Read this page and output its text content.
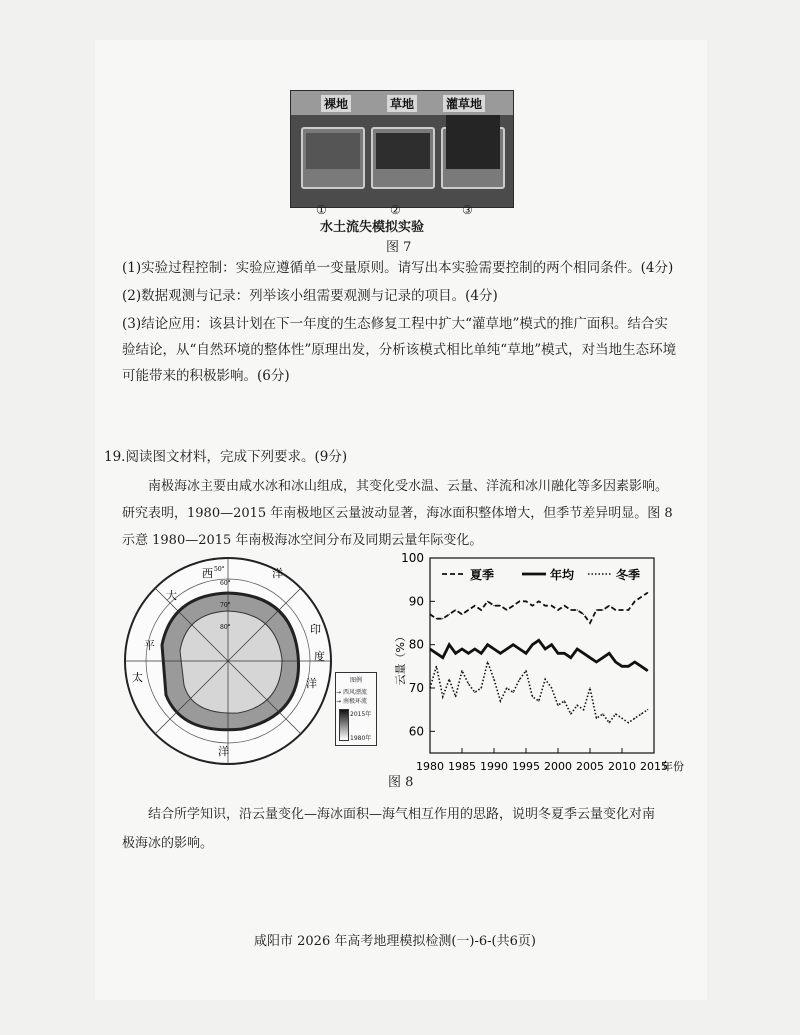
裸地	草地	灌草地
①	②	③
水土流失模拟实验
图 7
(1)实验过程控制：实验应遵循单一变量原则。请写出本实验需要控制的两个相同条件。(4分)
(2)数据观测与记录：列举该小组需要观测与记录的项目。(4分)
(3)结论应用：该县计划在下一年度的生态修复工程中扩大“灌草地”模式的推广面积。结合实
验结论，从“自然环境的整体性”原理出发，分析该模式相比单纯“草地”模式，对当地生态环境
可能带来的积极影响。(6分)
19.阅读图文材料，完成下列要求。(9分)
南极海冰主要由咸水冰和冰山组成，其变化受水温、云量、洋流和冰川融化等多因素影响。
研究表明，1980—2015 年南极地区云量波动显著，海冰面积整体增大，但季节差异明显。图 8
示意 1980—2015 年南极海冰空间分布及同期云量年际变化。
西	洋
大
印
度
洋
太
平
洋
50°
60°
70°
80°
图例
→ 西风漂流
→ 南极环流
2015年
1980年
60
70
80
90
100
1980 1985 1990 1995 2000 2005 2010 2015
年份
云量（%）
夏季	年均	冬季
图 8
结合所学知识，沿云量变化—海冰面积—海气相互作用的思路，说明冬夏季云量变化对南
极海冰的影响。
咸阳市 2026 年高考地理模拟检测(一)-6-(共6页)
